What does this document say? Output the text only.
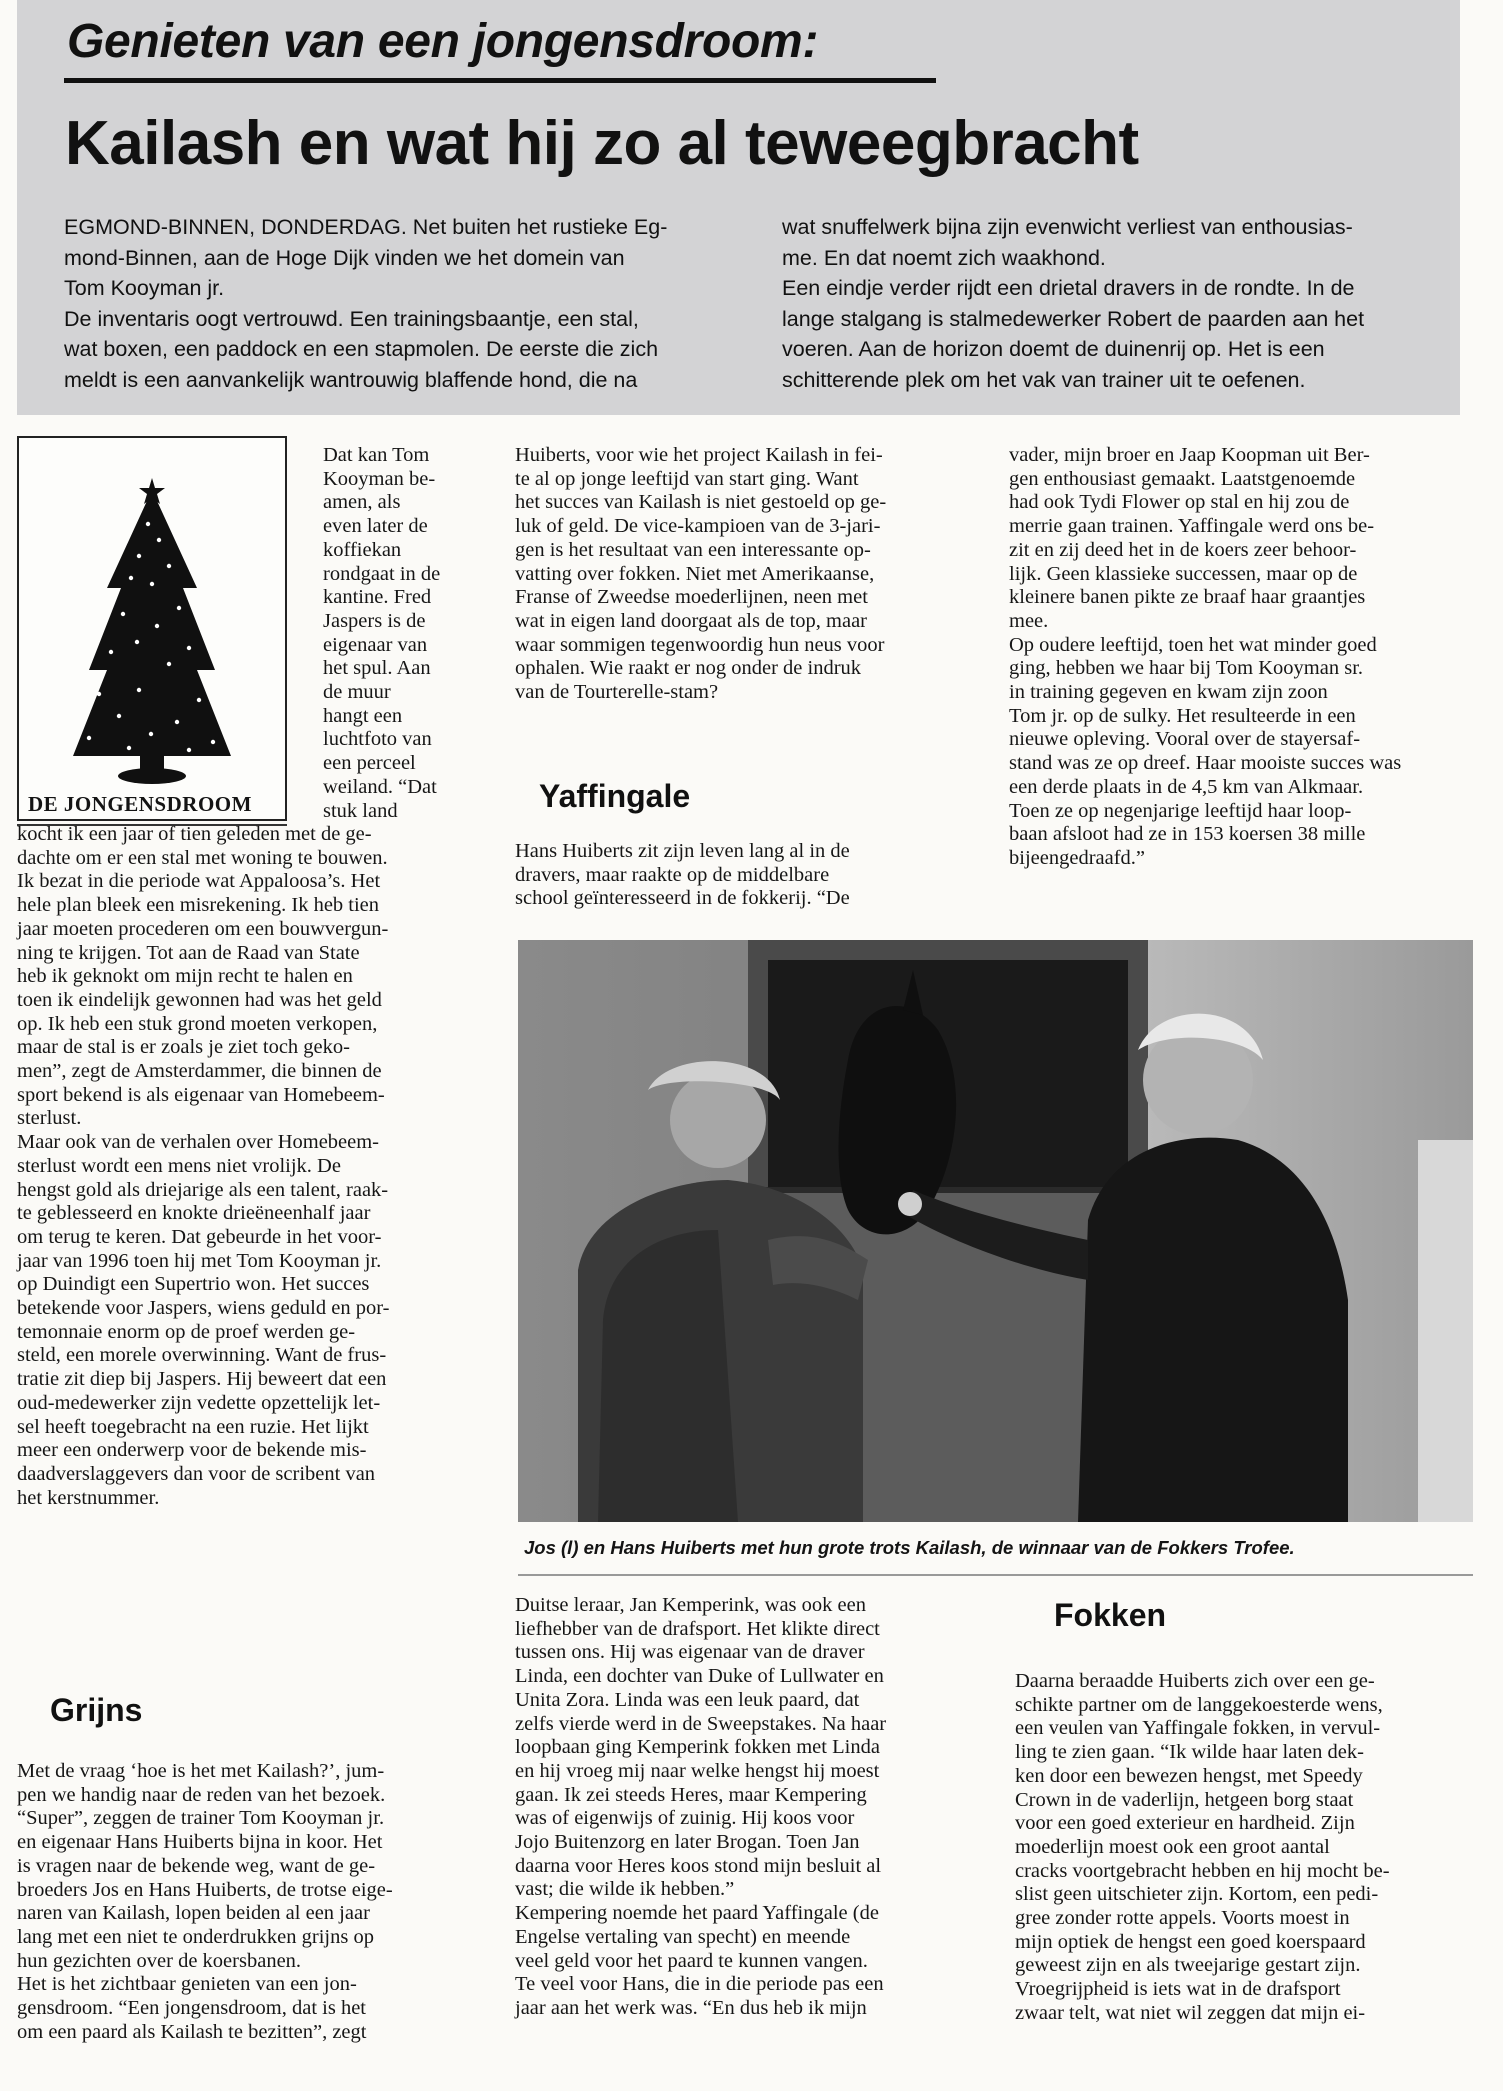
Genieten van een jongensdroom:
Kailash en wat hij zo al teweegbracht
EGMOND-BINNEN, DONDERDAG. Net buiten het rustieke Eg-
mond-Binnen, aan de Hoge Dijk vinden we het domein van
Tom Kooyman jr.
De inventaris oogt vertrouwd. Een trainingsbaantje, een stal,
wat boxen, een paddock en een stapmolen. De eerste die zich
meldt is een aanvankelijk wantrouwig blaffende hond, die na
wat snuffelwerk bijna zijn evenwicht verliest van enthousias-
me. En dat noemt zich waakhond.
Een eindje verder rijdt een drietal dravers in de rondte. In de
lange stalgang is stalmedewerker Robert de paarden aan het
voeren. Aan de horizon doemt de duinenrij op. Het is een
schitterende plek om het vak van trainer uit te oefenen.
DE JONGENSDROOM
Dat kan Tom
Kooyman be-
amen, als
even later de
koffiekan
rondgaat in de
kantine. Fred
Jaspers is de
eigenaar van
het spul. Aan
de muur
hangt een
luchtfoto van
een perceel
weiland. “Dat
stuk land
kocht ik een jaar of tien geleden met de ge-
dachte om er een stal met woning te bouwen.
Ik bezat in die periode wat Appaloosa’s. Het
hele plan bleek een misrekening. Ik heb tien
jaar moeten procederen om een bouwvergun-
ning te krijgen. Tot aan de Raad van State
heb ik geknokt om mijn recht te halen en
toen ik eindelijk gewonnen had was het geld
op. Ik heb een stuk grond moeten verkopen,
maar de stal is er zoals je ziet toch geko-
men”, zegt de Amsterdammer, die binnen de
sport bekend is als eigenaar van Homebeem-
sterlust.
Maar ook van de verhalen over Homebeem-
sterlust wordt een mens niet vrolijk. De
hengst gold als driejarige als een talent, raak-
te geblesseerd en knokte drieëneenhalf jaar
om terug te keren. Dat gebeurde in het voor-
jaar van 1996 toen hij met Tom Kooyman jr.
op Duindigt een Supertrio won. Het succes
betekende voor Jaspers, wiens geduld en por-
temonnaie enorm op de proef werden ge-
steld, een morele overwinning. Want de frus-
tratie zit diep bij Jaspers. Hij beweert dat een
oud-medewerker zijn vedette opzettelijk let-
sel heeft toegebracht na een ruzie. Het lijkt
meer een onderwerp voor de bekende mis-
daadverslaggevers dan voor de scribent van
het kerstnummer.
Grijns
Met de vraag ‘hoe is het met Kailash?’, jum-
pen we handig naar de reden van het bezoek.
“Super”, zeggen de trainer Tom Kooyman jr.
en eigenaar Hans Huiberts bijna in koor. Het
is vragen naar de bekende weg, want de ge-
broeders Jos en Hans Huiberts, de trotse eige-
naren van Kailash, lopen beiden al een jaar
lang met een niet te onderdrukken grijns op
hun gezichten over de koersbanen.
Het is het zichtbaar genieten van een jon-
gensdroom. “Een jongensdroom, dat is het
om een paard als Kailash te bezitten”, zegt
Huiberts, voor wie het project Kailash in fei-
te al op jonge leeftijd van start ging. Want
het succes van Kailash is niet gestoeld op ge-
luk of geld. De vice-kampioen van de 3-jari-
gen is het resultaat van een interessante op-
vatting over fokken. Niet met Amerikaanse,
Franse of Zweedse moederlijnen, neen met
wat in eigen land doorgaat als de top, maar
waar sommigen tegenwoordig hun neus voor
ophalen. Wie raakt er nog onder de indruk
van de Tourterelle-stam?
Yaffingale
Hans Huiberts zit zijn leven lang al in de
dravers, maar raakte op de middelbare
school geïnteresseerd in de fokkerij. “De
Duitse leraar, Jan Kemperink, was ook een
liefhebber van de drafsport. Het klikte direct
tussen ons. Hij was eigenaar van de draver
Linda, een dochter van Duke of Lullwater en
Unita Zora. Linda was een leuk paard, dat
zelfs vierde werd in de Sweepstakes. Na haar
loopbaan ging Kemperink fokken met Linda
en hij vroeg mij naar welke hengst hij moest
gaan. Ik zei steeds Heres, maar Kempering
was of eigenwijs of zuinig. Hij koos voor
Jojo Buitenzorg en later Brogan. Toen Jan
daarna voor Heres koos stond mijn besluit al
vast; die wilde ik hebben.”
Kempering noemde het paard Yaffingale (de
Engelse vertaling van specht) en meende
veel geld voor het paard te kunnen vangen.
Te veel voor Hans, die in die periode pas een
jaar aan het werk was. “En dus heb ik mijn
vader, mijn broer en Jaap Koopman uit Ber-
gen enthousiast gemaakt. Laatstgenoemde
had ook Tydi Flower op stal en hij zou de
merrie gaan trainen. Yaffingale werd ons be-
zit en zij deed het in de koers zeer behoor-
lijk. Geen klassieke successen, maar op de
kleinere banen pikte ze braaf haar graantjes
mee.
Op oudere leeftijd, toen het wat minder goed
ging, hebben we haar bij Tom Kooyman sr.
in training gegeven en kwam zijn zoon
Tom jr. op de sulky. Het resulteerde in een
nieuwe opleving. Vooral over de stayersaf-
stand was ze op dreef. Haar mooiste succes was
een derde plaats in de 4,5 km van Alkmaar.
Toen ze op negenjarige leeftijd haar loop-
baan afsloot had ze in 153 koersen 38 mille
bijeengedraafd.”
Fokken
Daarna beraadde Huiberts zich over een ge-
schikte partner om de langgekoesterde wens,
een veulen van Yaffingale fokken, in vervul-
ling te zien gaan. “Ik wilde haar laten dek-
ken door een bewezen hengst, met Speedy
Crown in de vaderlijn, hetgeen borg staat
voor een goed exterieur en hardheid. Zijn
moederlijn moest ook een groot aantal
cracks voortgebracht hebben en hij mocht be-
slist geen uitschieter zijn. Kortom, een pedi-
gree zonder rotte appels. Voorts moest in
mijn optiek de hengst een goed koerspaard
geweest zijn en als tweejarige gestart zijn.
Vroegrijpheid is iets wat in de drafsport
zwaar telt, wat niet wil zeggen dat mijn ei-
Jos (l) en Hans Huiberts met hun grote trots Kailash, de winnaar van de Fokkers Trofee.
